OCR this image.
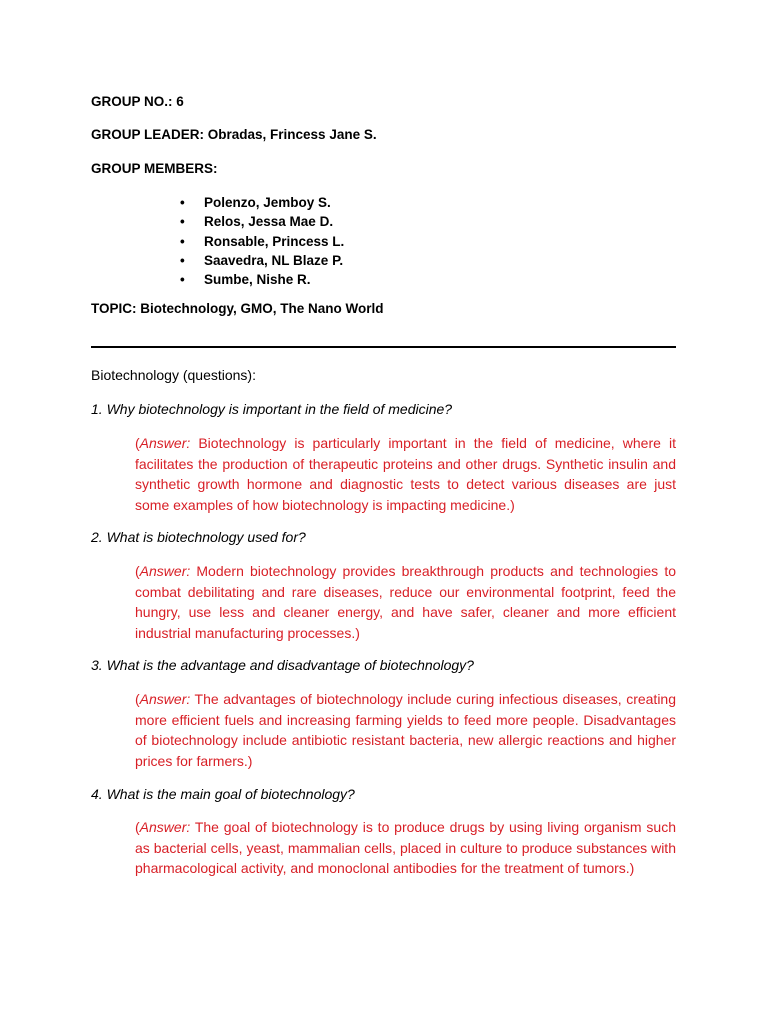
GROUP NO.: 6
GROUP LEADER: Obradas, Frincess Jane S.
GROUP MEMBERS:
• Polenzo, Jemboy S.
• Relos, Jessa Mae D.
• Ronsable, Princess L.
• Saavedra, NL Blaze P.
• Sumbe, Nishe R.
TOPIC: Biotechnology, GMO, The Nano World
Biotechnology (questions):
1. Why biotechnology is important in the field of medicine?
(Answer: Biotechnology is particularly important in the field of medicine, where it facilitates the production of therapeutic proteins and other drugs. Synthetic insulin and synthetic growth hormone and diagnostic tests to detect various diseases are just some examples of how biotechnology is impacting medicine.)
2. What is biotechnology used for?
(Answer: Modern biotechnology provides breakthrough products and technologies to combat debilitating and rare diseases, reduce our environmental footprint, feed the hungry, use less and cleaner energy, and have safer, cleaner and more efficient industrial manufacturing processes.)
3. What is the advantage and disadvantage of biotechnology?
(Answer: The advantages of biotechnology include curing infectious diseases, creating more efficient fuels and increasing farming yields to feed more people. Disadvantages of biotechnology include antibiotic resistant bacteria, new allergic reactions and higher prices for farmers.)
4. What is the main goal of biotechnology?
(Answer: The goal of biotechnology is to produce drugs by using living organism such as bacterial cells, yeast, mammalian cells, placed in culture to produce substances with pharmacological activity, and monoclonal antibodies for the treatment of tumors.)
